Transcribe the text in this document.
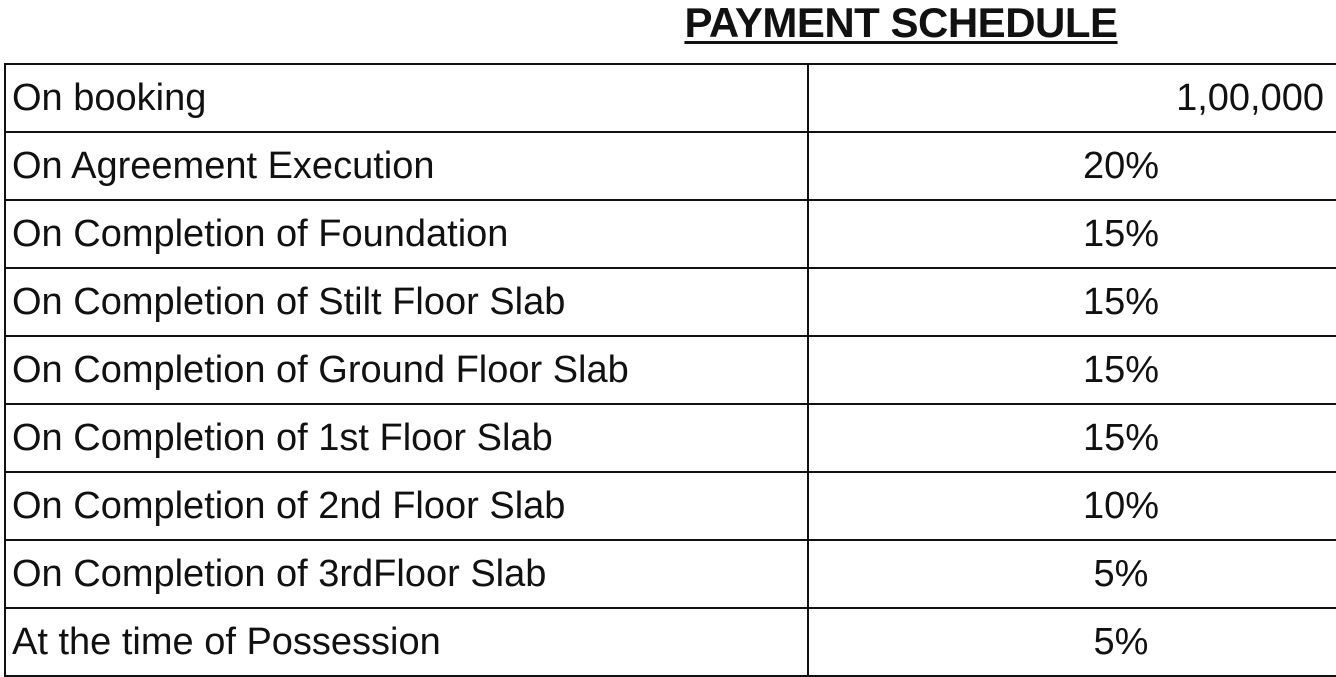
PAYMENT SCHEDULE
On booking	1,00,000
On Agreement Execution	20%
On Completion of Foundation	15%
On Completion of Stilt Floor Slab	15%
On Completion of Ground Floor Slab	15%
On Completion of 1st Floor Slab	15%
On Completion of 2nd Floor Slab	10%
On Completion of 3rdFloor Slab	5%
At the time of Possession	5%
